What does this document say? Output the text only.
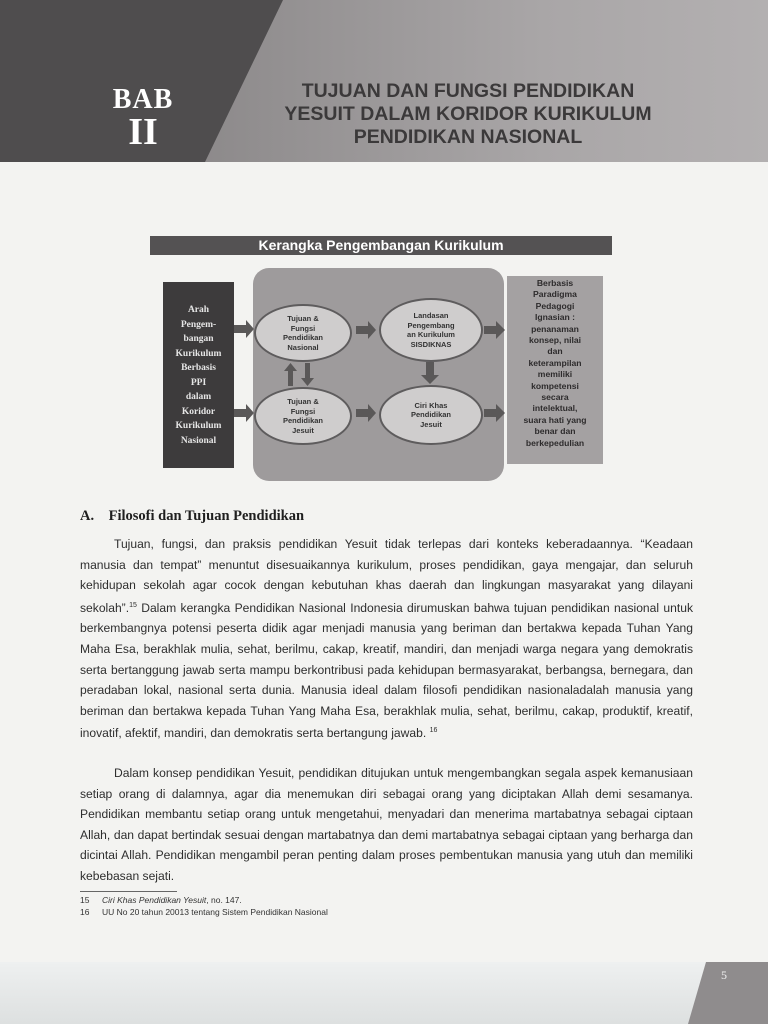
BAB
II
TUJUAN DAN FUNGSI PENDIDIKAN
YESUIT DALAM KORIDOR KURIKULUM
PENDIDIKAN NASIONAL
Kerangka Pengembangan Kurikulum
Arah
Pengem-
bangan
Kurikulum
Berbasis
PPI
dalam
Koridor
Kurikulum
Nasional
Tujuan &
Fungsi
Pendidikan
Nasional
Landasan
Pengembang
an Kurikulum
SISDIKNAS
Tujuan &
Fungsi
Pendidikan
Jesuit
Ciri Khas
Pendidikan
Jesuit
Berbasis
Paradigma
Pedagogi
Ignasian :
penanaman
konsep, nilai
dan
keterampilan
memiliki
kompetensi
secara
intelektual,
suara hati yang
benar dan
berkepedulian
A. Filosofi dan Tujuan Pendidikan

Tujuan, fungsi, dan praksis pendidikan Yesuit tidak terlepas dari konteks keberadaannya. “Keadaan manusia dan tempat” menuntut disesuaikannya kurikulum, proses pendidikan, gaya mengajar, dan seluruh kehidupan sekolah agar cocok dengan kebutuhan khas daerah dan lingkungan masyarakat yang dilayani sekolah”.$^{15}$ Dalam kerangka Pendidikan Nasional Indonesia dirumuskan bahwa tujuan pendidikan nasional untuk berkembangnya potensi peserta didik agar menjadi manusia yang beriman dan bertakwa kepada Tuhan Yang Maha Esa, berakhlak mulia, sehat, berilmu, cakap, kreatif, mandiri, dan menjadi warga negara yang demokratis serta bertanggung jawab serta mampu berkontribusi pada kehidupan bermasyarakat, berbangsa, bernegara, dan peradaban lokal, nasional serta dunia. Manusia ideal dalam filosofi pendidikan nasionaladalah manusia yang beriman dan bertakwa kepada Tuhan Yang Maha Esa, berakhlak mulia, sehat, berilmu, cakap, produktif, kreatif, inovatif, afektif, mandiri, dan demokratis serta bertangung jawab. $^{16}$

Dalam konsep pendidikan Yesuit, pendidikan ditujukan untuk mengembangkan segala aspek kemanusiaan setiap orang di dalamnya, agar dia menemukan diri sebagai orang yang diciptakan Allah demi sesamanya. Pendidikan membantu setiap orang untuk mengetahui, menyadari dan menerima martabatnya sebagai ciptaan Allah, dan dapat bertindak sesuai dengan martabatnya dan demi martabatnya sebagai ciptaan yang berharga dan dicintai Allah. Pendidikan mengambil peran penting dalam proses pembentukan manusia yang utuh dan memiliki kebebasan sejati.

15 Ciri Khas Pendidikan Yesuit, no. 147.
16 UU No 20 tahun 20013 tentang Sistem Pendidikan Nasional
5
